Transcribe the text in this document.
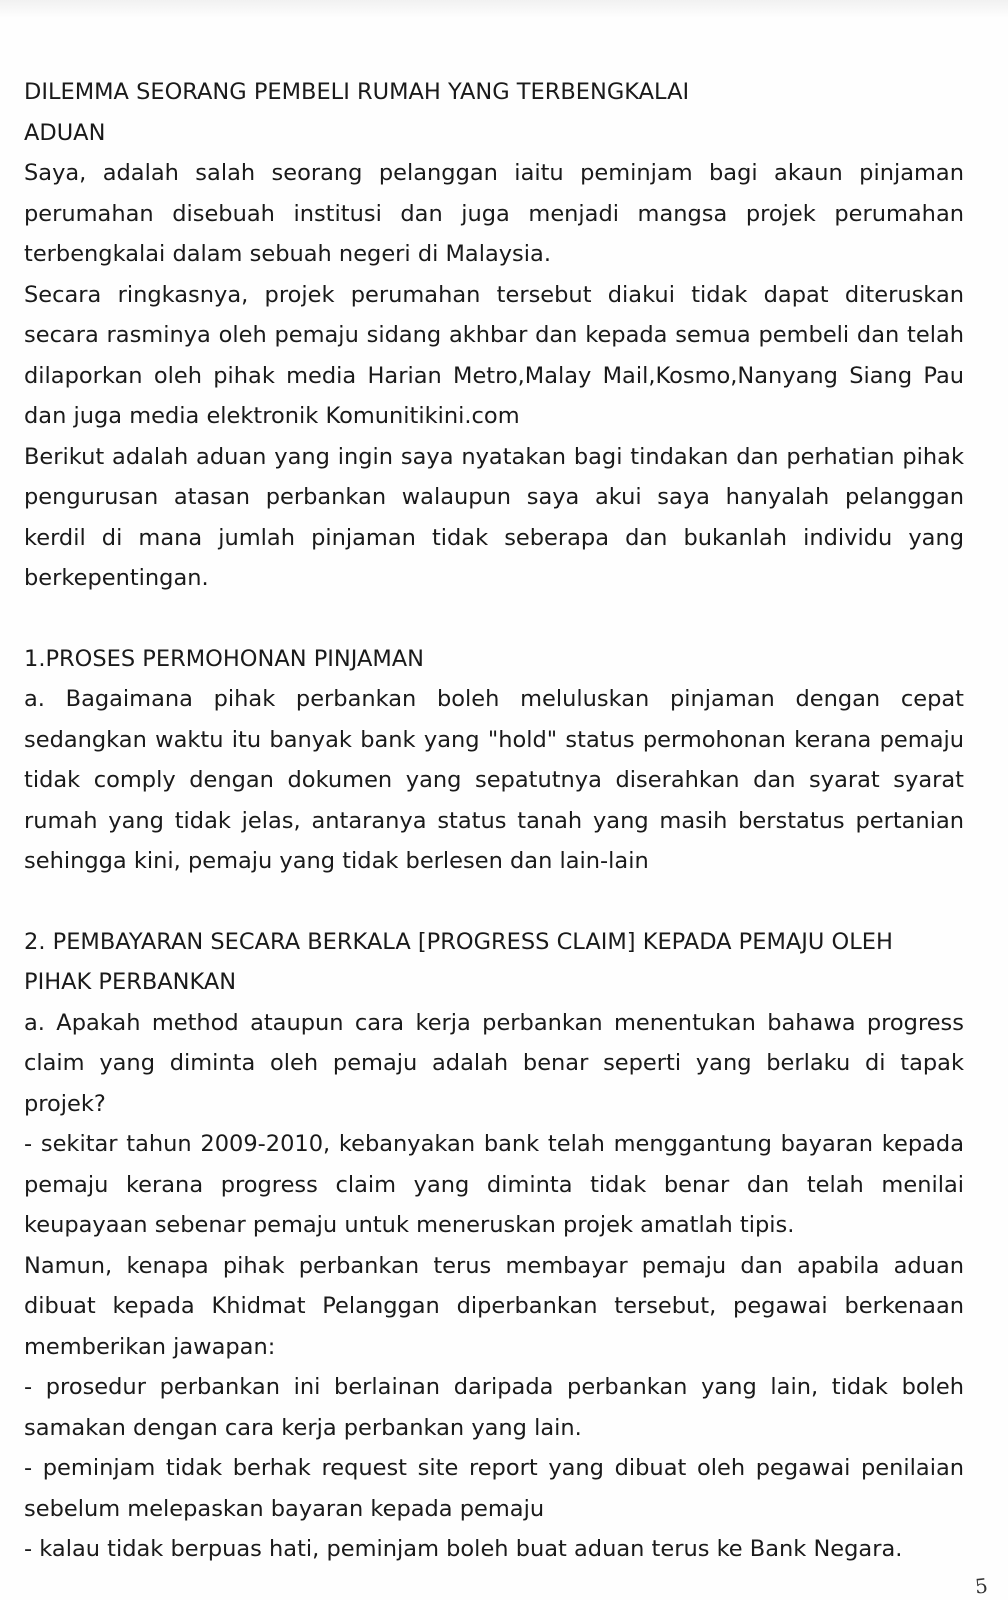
DILEMMA SEORANG PEMBELI RUMAH YANG TERBENGKALAI

ADUAN

Saya, adalah salah seorang pelanggan iaitu peminjam bagi akaun pinjaman perumahan disebuah institusi dan juga menjadi mangsa projek perumahan terbengkalai dalam sebuah negeri di Malaysia.

Secara ringkasnya, projek perumahan tersebut diakui tidak dapat diteruskan secara rasminya oleh pemaju sidang akhbar dan kepada semua pembeli dan telah dilaporkan oleh pihak media Harian Metro,Malay Mail,Kosmo,Nanyang Siang Pau dan juga media elektronik Komunitikini.com

Berikut adalah aduan yang ingin saya nyatakan bagi tindakan dan perhatian pihak pengurusan atasan perbankan walaupun saya akui saya hanyalah pelanggan kerdil di mana jumlah pinjaman tidak seberapa dan bukanlah individu yang berkepentingan.

1.PROSES PERMOHONAN PINJAMAN

a. Bagaimana pihak perbankan boleh meluluskan pinjaman dengan cepat sedangkan waktu itu banyak bank yang "hold" status permohonan kerana pemaju tidak comply dengan dokumen yang sepatutnya diserahkan dan syarat syarat rumah yang tidak jelas, antaranya status tanah yang masih berstatus pertanian sehingga kini, pemaju yang tidak berlesen dan lain-lain

2. PEMBAYARAN SECARA BERKALA [PROGRESS CLAIM] KEPADA PEMAJU OLEH PIHAK PERBANKAN

a. Apakah method ataupun cara kerja perbankan menentukan bahawa progress claim yang diminta oleh pemaju adalah benar seperti yang berlaku di tapak projek?

- sekitar tahun 2009-2010, kebanyakan bank telah menggantung bayaran kepada pemaju kerana progress claim yang diminta tidak benar dan telah menilai keupayaan sebenar pemaju untuk meneruskan projek amatlah tipis.

Namun, kenapa pihak perbankan terus membayar pemaju dan apabila aduan dibuat kepada Khidmat Pelanggan diperbankan tersebut, pegawai berkenaan memberikan jawapan:

- prosedur perbankan ini berlainan daripada perbankan yang lain, tidak boleh samakan dengan cara kerja perbankan yang lain.

- peminjam tidak berhak request site report yang dibuat oleh pegawai penilaian sebelum melepaskan bayaran kepada pemaju

- kalau tidak berpuas hati, peminjam boleh buat aduan terus ke Bank Negara.

5
